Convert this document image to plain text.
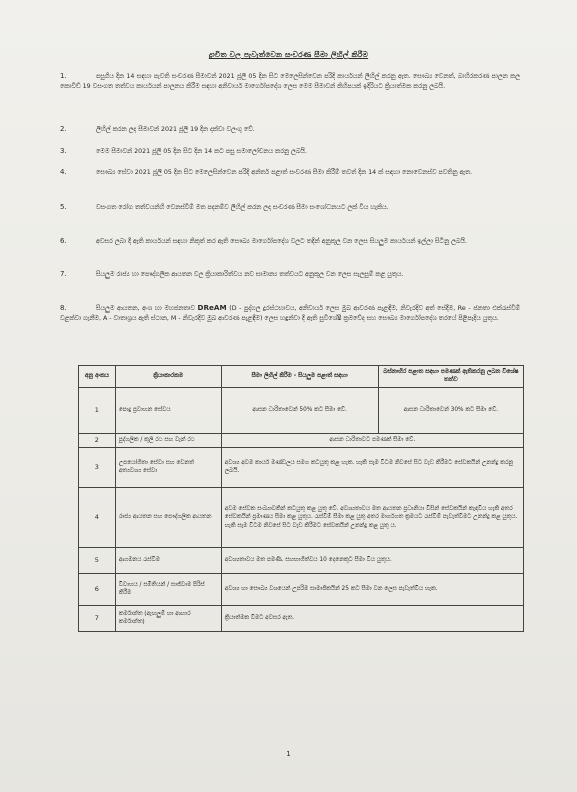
ද්‍රාවිත වල පැවැත්වෙන සංචරණ සීමා ලිහිල් කිරීම
1.	පසුගිය දින 14 සඳහා පැවති සංචරණ සීමාවන් 2021 ජූලි 05 දින සිට මෙලෙසින්වෙන පරිදි කාර්යයන් ලිහිල් කරනු ඇත. සෞඛ්‍ය වෙනත්, බාහිරකරණ පාලන කල කොවිඩ් 19 වසංගත තත්වය කාර්යයන් පාලනය කිරීම සඳහා අනිවාර්ය මාර්ගෝපදේශ ලෙස මෙම සීමාවන් කිහිපයක් ඉදිරියට ක්‍රියාත්මක කරනු ලබයි.
2.	ලිහිල් කරන ලද සීමාවන් 2021 ජූලි 19 දින දක්වා වලංගු වේ.
3.	මෙම සීමාවන් 2021 ජූලි 05 දින සිට දින 14 කට පසු සමාලෝචනය කරනු ලබයි.
4.	සෞඛ්‍ය සේවා 2021 ජූලි 05 දින සිට මෙලෙසින්වෙන පරිදි අන්තර් පළාත් සංචරණ සීමා කිරීම් තවත් දින 14 ක් සඳහා නොවෙනස්ව පවතිනු ඇත.
5.	වසංගත රෝග තත්වයන්හි වෙනස්වීම් මත පදනම්ව ලිහිල් කරන ලද සංචරණ සීමා සංශෝධනයට ලක් විය හැකිය.
6.	අවසර ලබා දී ඇති කාර්යයන් සඳහා නිකුත් කර ඇති සෞඛ්‍ය මාර්ගෝපදේශ වලට තදින් අනුකූල වන ලෙස සියලුම කාර්යයන් ඉල්ලා සිටිනු ලබයි.
7.	සියලුම රාජ්‍ය හා පෞද්ගලික ආයතන වල ක්‍රියාකාරිත්වය නව සාමාන්‍ය තත්වයට අනුකූල වන ලෙස සැලසුම් කළ යුතුය.
8.	සියලුම ආයතන, අංශ හා මහජනතාව DReAM (D - පුද්ගල දුරස්ථභාවය, අනිවාර්ය ලෙස මුඛ ආවරණ පැළඳීම, නිවැරදිව අත් සේදීම, Re - ජනතා එක්රැස්වීම් වළක්වා ගැනීම, A - වාතාශ්‍රය ඇති ස්ථාන, M - නිවැරදිව මුඛ ආවරණ පැළඳීම) ලෙස හඳුන්වා දී ඇති සුවිශේෂී ක්‍රමවේද සහ සෞඛ්‍ය මාර්ගෝපදේශ තරයේ පිළිපැදිය යුතුය.
අනු අංකය	ක්‍රියාකාරකම	සීමා ලිහිල් කිරීම - සියලුම පළාත් සඳහා	බස්නාහිර පළාත සඳහා පමණක් ඇතිකරනු ලබන විශේෂ තත්ව
1	පොදු ප්‍රවාහන සේවය	ආසන ධාරිතාවෙන් 50% කට සීමා වේ.	ආසන ධාරිතාවෙන් 30% කට සීමා වේ.
2	පුද්ගලික / කුලී රථ සහ වෑන් රථ	ආසන ධාරිතාවට පමණක් සීමා වේ.	
3	උපයෝගිතා සේවා සහ වෙනත් අත්‍යවශ්‍ය සේවා	අවශ්‍ය අවම කාර්ය මණ්ඩලය සමග කටයුතු කළ හැක. හැකි සෑම විටම නිවසේ සිට වැඩ කිරීමට සේවකයින් උනන්දු කරනු ලබයි.	
4	රාජ්‍ය ආයතන සහ පෞද්ගලික ආයතන	අවම සේවක සංඛ්‍යාවකින් කටයුතු කළ යුතු වේ. අවශ්‍යතාවය මත ආයතන ප්‍රධානියා විසින් සේවකයින් කැඳවිය හැකි අතර සේවකයින් ප්‍රමාණය සීමා කළ යුතුය. රැස්වීම් සීමා කළ යුතු අතර මාර්ගගත ක්‍රමයට රැස්වීම් පැවැත්වීමට උනන්දු කළ යුතුය. හැකි සෑම විටම නිවසේ සිට වැඩ කිරීමට සේවකයින් උනන්දු කළ යුතු ය.	
5	ආගමනය රැස්වීම	අවශ්‍යතාවය මත පමණි. සහභාගීත්වය 10 දෙනෙකුට සීමා විය යුතුය.	
6	විවාහය / සමිතියන් / සාජ්වාම පිරිස් කිරීම	අවශ්‍ය හා සෞඛ්‍ය වශයෙන් උපරිම සාමාජිකයින් 25 කට සීමා වන ලෙස පැවැත්විය හැක.	
7	කර්මාන්ත (ඇඟලුම් හා ආහාර කර්මාන්ත)	ක්‍රියාත්මක වීමට අවසර ඇත.	
1
